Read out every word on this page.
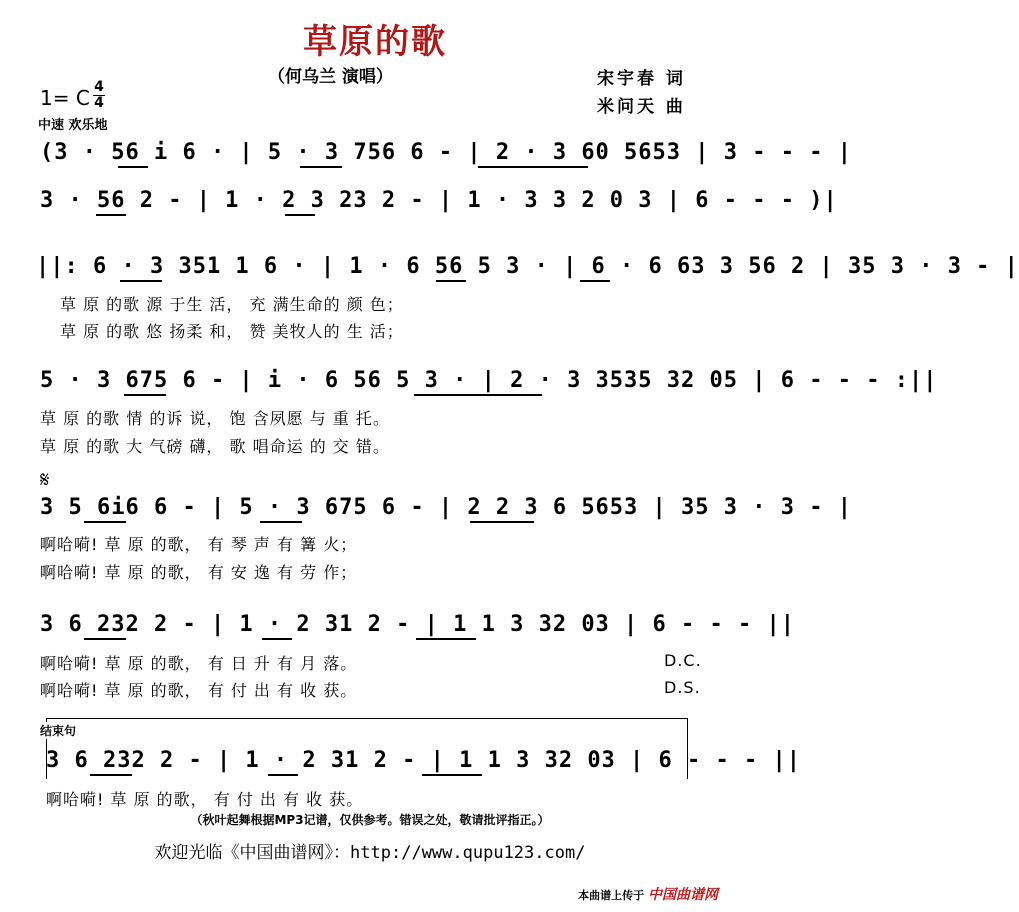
草原的歌
（何乌兰 演唱）	宋宇春 词
米问天 曲
1= C 4
4
中速 欢乐地
(3 · 56 i 6 · | 5 · 3 756 6 - | 2 · 3 60 5653 | 3 - - - |
3 · 56 2 - | 1 · 2 3 23 2 - | 1 · 3 3 2 0 3 | 6 - - - )|
||: 6 · 3 351 1 6 · | 1 · 6 56 5 3 · | 6 · 6 63 3 56 2 | 35 3 · 3 - |
草 原 的歌 源 于生 活， 充 满生命的 颜 色；
草 原 的歌 悠 扬柔 和， 赞 美牧人的 生 活；
5 · 3 675 6 - | i · 6 56 5 3 · | 2 · 3 3535 32 05 | 6 - - - :||
草 原 的歌 情 的诉 说， 饱 含夙愿 与 重 托。
草 原 的歌 大 气磅 礴， 歌 唱命运 的 交 错。
𝄋
3 5 6i6 6 - | 5 · 3 675 6 - | 2 2 3 6 5653 | 35 3 · 3 - |
啊哈嗬! 草 原 的歌， 有 琴 声 有 篝 火；
啊哈嗬! 草 原 的歌， 有 安 逸 有 劳 作；
3 6 232 2 - | 1 · 2 31 2 - | 1 1 3 32 03 | 6 - - - ||
啊哈嗬! 草 原 的歌， 有 日 升 有 月 落。
啊哈嗬! 草 原 的歌， 有 付 出 有 收 获。
D.C.
D.S.
结束句
3 6 232 2 - | 1 · 2 31 2 - | 1 1 3 32 03 | 6 - - - ||
啊哈嗬! 草 原 的歌， 有 付 出 有 收 获。
（秋叶起舞根据MP3记谱，仅供参考。错误之处，敬请批评指正。）
欢迎光临《中国曲谱网》：http://www.qupu123.com/
本曲谱上传于 中国曲谱网
